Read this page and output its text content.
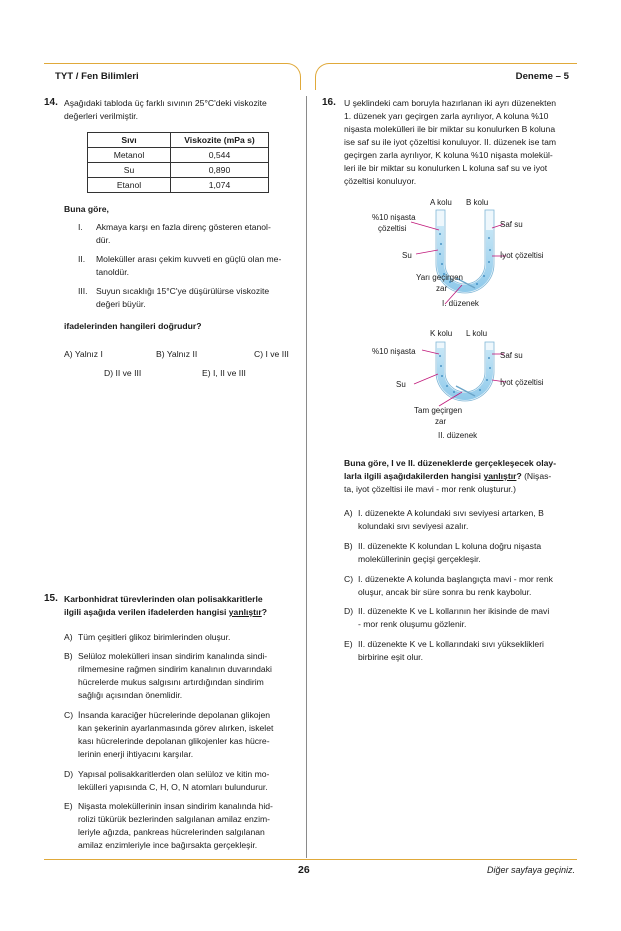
TYT / Fen Bilimleri	Deneme – 5
14. Aşağıdaki tabloda üç farklı sıvının 25°C'deki viskozite
değerleri verilmiştir.
Sıvı	Viskozite (mPa s)
Metanol	0,544
Su	0,890
Etanol	1,074
Buna göre,
I. Akmaya karşı en fazla direnç gösteren etanol-
dür.
II. Moleküller arası çekim kuvveti en güçlü olan me-
tanoldür.
III. Suyun sıcaklığı 15°C'ye düşürülürse viskozite
değeri büyür.
ifadelerinden hangileri doğrudur?
A) Yalnız I	B) Yalnız II	C) I ve III
D) II ve III	E) I, II ve III
15. Karbonhidrat türevlerinden olan polisakkaritlerle
ilgili aşağıda verilen ifadelerden hangisi yanlıştır?
A) Tüm çeşitleri glikoz birimlerinden oluşur.
B) Selüloz molekülleri insan sindirim kanalında sindi-
rilmemesine rağmen sindirim kanalının duvarındaki
hücrelerde mukus salgısını artırdığından sindirim
sağlığı açısından önemlidir.
C) İnsanda karaciğer hücrelerinde depolanan glikojen
kan şekerinin ayarlanmasında görev alırken, iskelet
kası hücrelerinde depolanan glikojenler kas hücre-
lerinin enerji ihtiyacını karşılar.
D) Yapısal polisakkaritlerden olan selüloz ve kitin mo-
lekülleri yapısında C, H, O, N atomları bulundurur.
E) Nişasta moleküllerinin insan sindirim kanalında hid-
rolizi tükürük bezlerinden salgılanan amilaz enzim-
leriyle ağızda, pankreas hücrelerinden salgılanan
amilaz enzimleriyle ince bağırsakta gerçekleşir.
16. U şeklindeki cam boruyla hazırlanan iki ayrı düzenekten
1. düzenek yarı geçirgen zarla ayrılıyor, A koluna %10
nişasta molekülleri ile bir miktar su konulurken B koluna
ise saf su ile iyot çözeltisi konuluyor. II. düzenek ise tam
geçirgen zarla ayrılıyor, K koluna %10 nişasta molekül-
leri ile bir miktar su konulurken L koluna saf su ve iyot
çözeltisi konuluyor.
A kolu B kolu
%10 nişasta
çözeltisi	Saf su
Su	İyot çözeltisi
Yarı geçirgen
zar
I. düzenek
K kolu L kolu
%10 nişasta	Saf su
Su	İyot çözeltisi
Tam geçirgen
zar
II. düzenek
Buna göre, I ve II. düzeneklerde gerçekleşecek olay-
larla ilgili aşağıdakilerden hangisi yanlıştır? (Nişas-
ta, iyot çözeltisi ile mavi - mor renk oluşturur.)
A) I. düzenekte A kolundaki sıvı seviyesi artarken, B
kolundaki sıvı seviyesi azalır.
B) II. düzenekte K kolundan L koluna doğru nişasta
moleküllerinin geçişi gerçekleşir.
C) I. düzenekte A kolunda başlangıçta mavi - mor renk
oluşur, ancak bir süre sonra bu renk kaybolur.
D) II. düzenekte K ve L kollarının her ikisinde de mavi
- mor renk oluşumu gözlenir.
E) II. düzenekte K ve L kollarındaki sıvı yükseklikleri
birbirine eşit olur.
26	Diğer sayfaya geçiniz.
